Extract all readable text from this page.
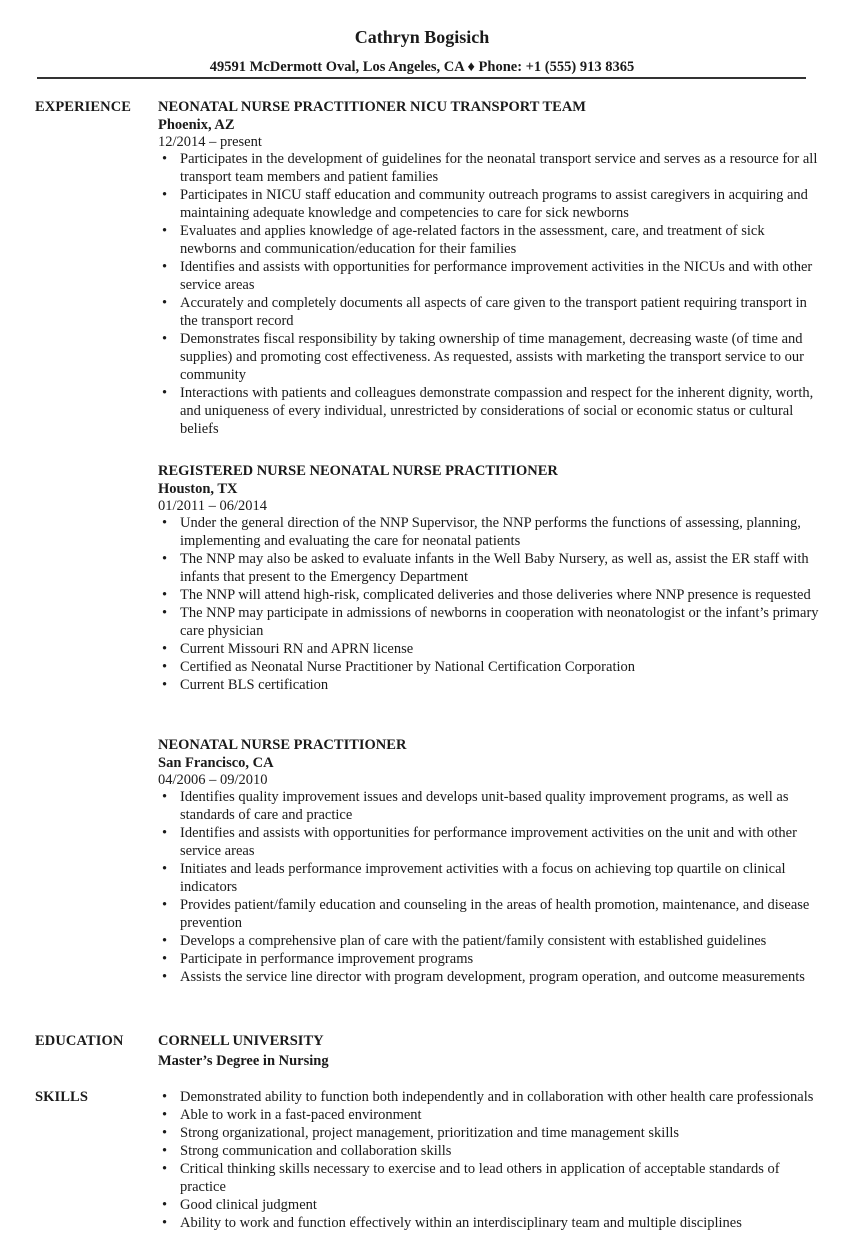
Cathryn Bogisich
49591 McDermott Oval, Los Angeles, CA ♦ Phone: +1 (555) 913 8365
EXPERIENCE NEONATAL NURSE PRACTITIONER NICU TRANSPORT TEAM
Phoenix, AZ
12/2014 – present
• Participates in the development of guidelines for the neonatal transport service and serves as a resource for all transport team members and patient families
• Participates in NICU staff education and community outreach programs to assist caregivers in acquiring and maintaining adequate knowledge and competencies to care for sick newborns
• Evaluates and applies knowledge of age-related factors in the assessment, care, and treatment of sick newborns and communication/education for their families
• Identifies and assists with opportunities for performance improvement activities in the NICUs and with other service areas
• Accurately and completely documents all aspects of care given to the transport patient requiring transport in the transport record
• Demonstrates fiscal responsibility by taking ownership of time management, decreasing waste (of time and supplies) and promoting cost effectiveness. As requested, assists with marketing the transport service to our community
• Interactions with patients and colleagues demonstrate compassion and respect for the inherent dignity, worth, and uniqueness of every individual, unrestricted by considerations of social or economic status or cultural beliefs
REGISTERED NURSE NEONATAL NURSE PRACTITIONER
Houston, TX
01/2011 – 06/2014
• Under the general direction of the NNP Supervisor, the NNP performs the functions of assessing, planning, implementing and evaluating the care for neonatal patients
• The NNP may also be asked to evaluate infants in the Well Baby Nursery, as well as, assist the ER staff with infants that present to the Emergency Department
• The NNP will attend high-risk, complicated deliveries and those deliveries where NNP presence is requested
• The NNP may participate in admissions of newborns in cooperation with neonatologist or the infant’s primary care physician
• Current Missouri RN and APRN license
• Certified as Neonatal Nurse Practitioner by National Certification Corporation
• Current BLS certification
NEONATAL NURSE PRACTITIONER
San Francisco, CA
04/2006 – 09/2010
• Identifies quality improvement issues and develops unit-based quality improvement programs, as well as standards of care and practice
• Identifies and assists with opportunities for performance improvement activities on the unit and with other service areas
• Initiates and leads performance improvement activities with a focus on achieving top quartile on clinical indicators
• Provides patient/family education and counseling in the areas of health promotion, maintenance, and disease prevention
• Develops a comprehensive plan of care with the patient/family consistent with established guidelines
• Participate in performance improvement programs
• Assists the service line director with program development, program operation, and outcome measurements
EDUCATION CORNELL UNIVERSITY
Master’s Degree in Nursing
SKILLS	• Demonstrated ability to function both independently and in collaboration with other health care professionals
• Able to work in a fast-paced environment
• Strong organizational, project management, prioritization and time management skills
• Strong communication and collaboration skills
• Critical thinking skills necessary to exercise and to lead others in application of acceptable standards of practice
• Good clinical judgment
• Ability to work and function effectively within an interdisciplinary team and multiple disciplines
